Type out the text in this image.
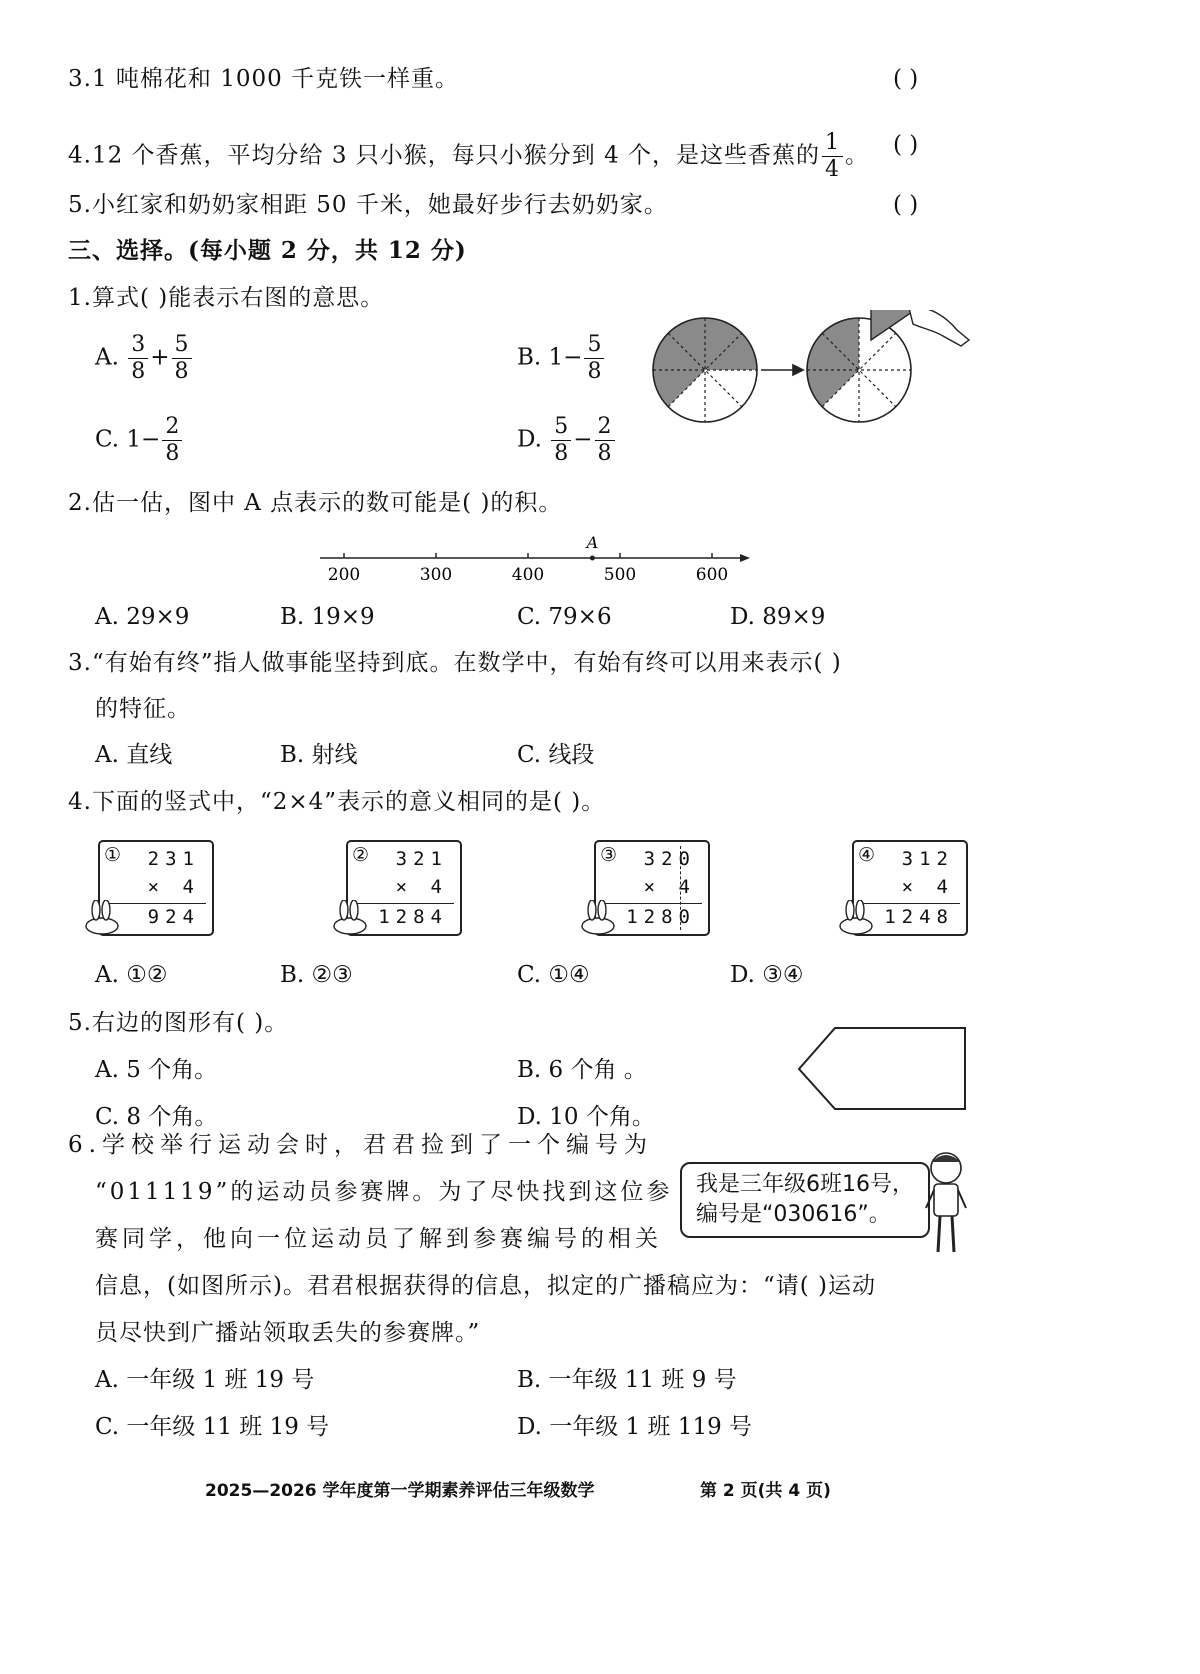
3.1 吨棉花和 1000 千克铁一样重。	( )
4.12 个香蕉，平均分给 3 只小猴，每只小猴分到 4 个，是这些香蕉的 $\frac{1}{4}$ 。 ( )
5.小红家和奶奶家相距 50 千米，她最好步行去奶奶家。	( )
三、选择。(每小题 2 分，共 12 分)
1.算式( )能表示右图的意思。
A. $\frac{3}{8} + \frac{5}{8}$	B. $1- \frac{5}{8}$
C. $1- \frac{2}{8}$	D. $\frac{5}{8} - \frac{2}{8}$
2.估一估，图中 A 点表示的数可能是( )的积。
200	300	400	500	600
A
A. 29×9	B. 19×9	C. 79×6	D. 89×9
3.“有始有终”指人做事能坚持到底。在数学中，有始有终可以用来表示( )
的特征。
A. 直线	B. 射线	C. 线段
4.下面的竖式中，“2×4”表示的意义相同的是( )。
① 231
× 4
924
② 321
× 4
1284
③ 320
× 4
1280
④ 312
× 4
1248
A. ①②	B. ②③	C. ①④	D. ③④
5.右边的图形有( )。
A. 5 个角。	B. 6 个角 。
C. 8 个角。	D. 10 个角。
6.学校举行运动会时，君君捡到了一个编号为
“011119”的运动员参赛牌。为了尽快找到这位参
赛同学，他向一位运动员了解到参赛编号的相关
信息，(如图所示)。君君根据获得的信息，拟定的广播稿应为：“请( )运动
员尽快到广播站领取丢失的参赛牌。”
我是三年级6班16号，
编号是“030616”。
A. 一年级 1 班 19 号	B. 一年级 11 班 9 号
C. 一年级 11 班 19 号	D. 一年级 1 班 119 号
2025—2026 学年度第一学期素养评估三年级数学	第 2 页(共 4 页)
